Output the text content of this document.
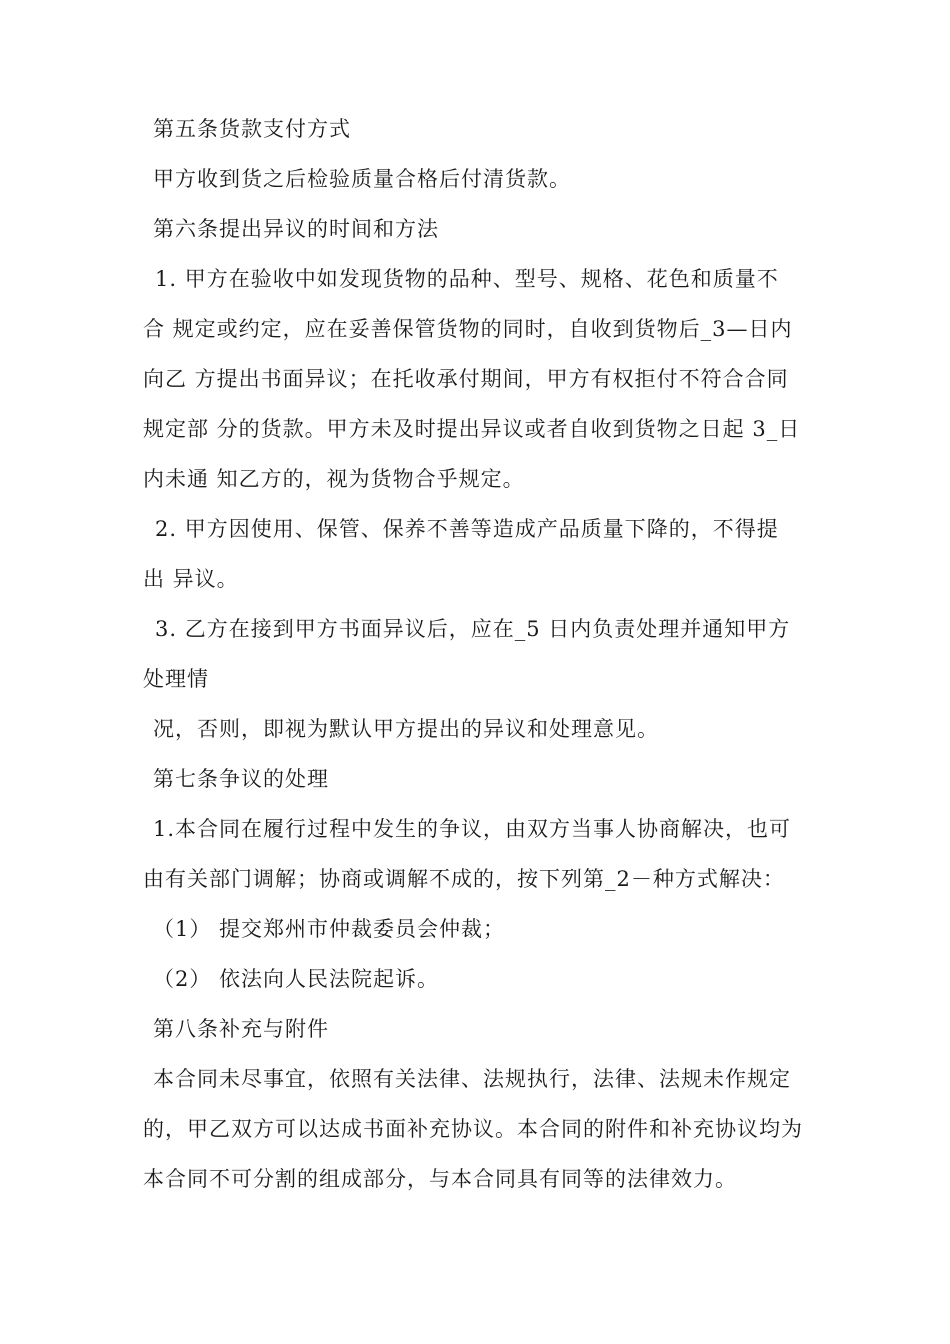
第五条货款支付方式
甲方收到货之后检验质量合格后付清货款。
第六条提出异议的时间和方法
1. 甲方在验收中如发现货物的品种、型号、规格、花色和质量不
合 规定或约定，应在妥善保管货物的同时，自收到货物后_3—日内
向乙 方提出书面异议；在托收承付期间，甲方有权拒付不符合合同
规定部 分的货款。甲方未及时提出异议或者自收到货物之日起 3_日
内未通 知乙方的，视为货物合乎规定。
2. 甲方因使用、保管、保养不善等造成产品质量下降的，不得提
出 异议。
3. 乙方在接到甲方书面异议后，应在_5 日内负责处理并通知甲方
处理情
况，否则，即视为默认甲方提出的异议和处理意见。
第七条争议的处理
1.本合同在履行过程中发生的争议，由双方当事人协商解决，也可
由有关部门调解；协商或调解不成的，按下列第_2－种方式解决：
（1） 提交郑州市仲裁委员会仲裁；
（2） 依法向人民法院起诉。
第八条补充与附件
本合同未尽事宜，依照有关法律、法规执行，法律、法规未作规定
的，甲乙双方可以达成书面补充协议。本合同的附件和补充协议均为
本合同不可分割的组成部分，与本合同具有同等的法律效力。
